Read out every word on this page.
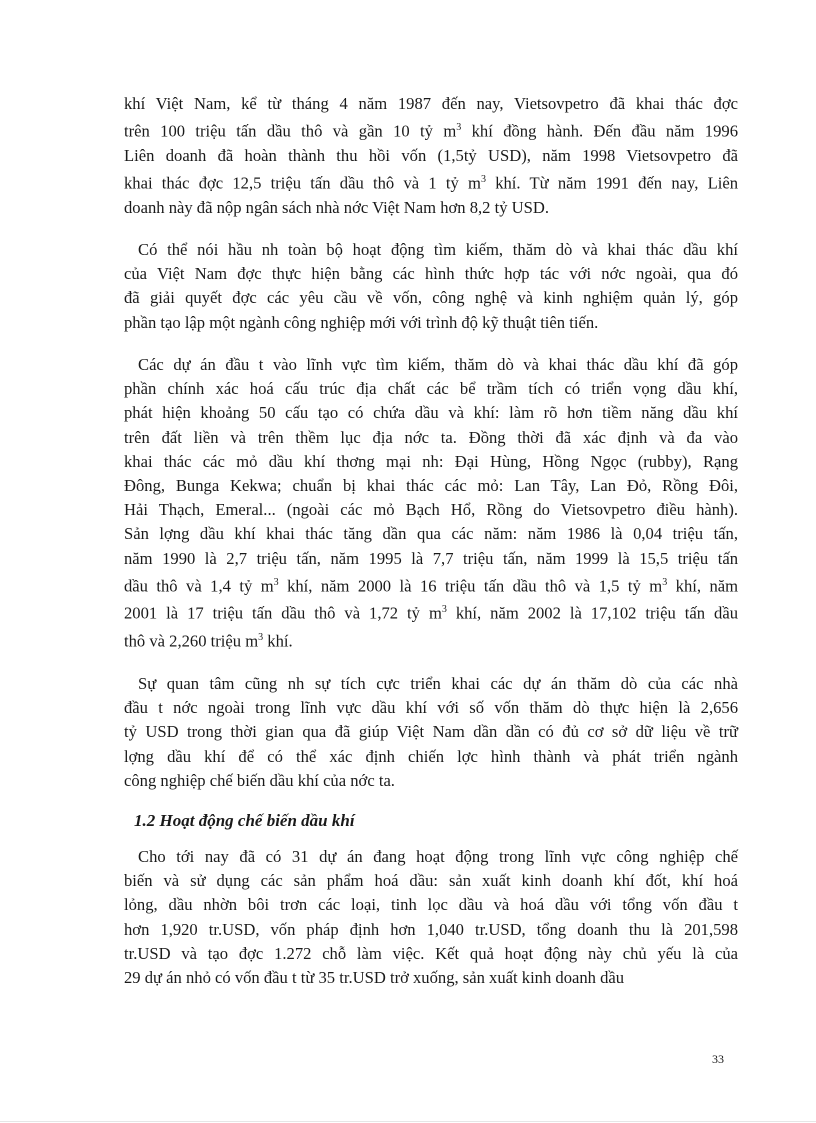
khí Việt Nam, kể từ tháng 4 năm 1987 đến nay, Vietsovpetro đã khai thác đợc
trên 100 triệu tấn dầu thô và gần 10 tỷ $m^3$ khí đồng hành. Đến đầu năm 1996
Liên doanh đã hoàn thành thu hồi vốn (1,5tỷ USD), năm 1998 Vietsovpetro đã
khai thác đợc 12,5 triệu tấn dầu thô và 1 tỷ $m^3$ khí. Từ năm 1991 đến nay, Liên
doanh này đã nộp ngân sách nhà nớc Việt Nam hơn 8,2 tỷ USD.
Có thể nói hầu nh toàn bộ hoạt động tìm kiếm, thăm dò và khai thác dầu khí
của Việt Nam đợc thực hiện bằng các hình thức hợp tác với nớc ngoài, qua đó
đã giải quyết đợc các yêu cầu về vốn, công nghệ và kinh nghiệm quản lý, góp
phần tạo lập một ngành công nghiệp mới với trình độ kỹ thuật tiên tiến.
Các dự án đầu t vào lĩnh vực tìm kiếm, thăm dò và khai thác dầu khí đã góp
phần chính xác hoá cấu trúc địa chất các bể trầm tích có triển vọng dầu khí,
phát hiện khoảng 50 cấu tạo có chứa dầu và khí: làm rõ hơn tiềm năng dầu khí
trên đất liền và trên thềm lục địa nớc ta. Đồng thời đã xác định và đa vào
khai thác các mỏ dầu khí thơng mại nh: Đại Hùng, Hồng Ngọc (rubby), Rạng
Đông, Bunga Kekwa; chuẩn bị khai thác các mỏ: Lan Tây, Lan Đỏ, Rồng Đôi,
Hải Thạch, Emeral... (ngoài các mỏ Bạch Hổ, Rồng do Vietsovpetro điều hành).
Sản lợng dầu khí khai thác tăng dần qua các năm: năm 1986 là 0,04 triệu tấn,
năm 1990 là 2,7 triệu tấn, năm 1995 là 7,7 triệu tấn, năm 1999 là 15,5 triệu tấn
dầu thô và 1,4 tỷ $m^3$ khí, năm 2000 là 16 triệu tấn dầu thô và 1,5 tỷ $m^3$ khí, năm
2001 là 17 triệu tấn dầu thô và 1,72 tỷ $m^3$ khí, năm 2002 là 17,102 triệu tấn dầu
thô và 2,260 triệu $m^3$ khí.
Sự quan tâm cũng nh sự tích cực triển khai các dự án thăm dò của các nhà
đầu t nớc ngoài trong lĩnh vực dầu khí với số vốn thăm dò thực hiện là 2,656
tỷ USD trong thời gian qua đã giúp Việt Nam dần dần có đủ cơ sở dữ liệu về trữ
lợng dầu khí để có thể xác định chiến lợc hình thành và phát triển ngành
công nghiệp chế biến dầu khí của nớc ta.
1.2 Hoạt động chế biến dầu khí
Cho tới nay đã có 31 dự án đang hoạt động trong lĩnh vực công nghiệp chế
biến và sử dụng các sản phẩm hoá dầu: sản xuất kinh doanh khí đốt, khí hoá
lỏng, dầu nhờn bôi trơn các loại, tinh lọc dầu và hoá dầu với tổng vốn đầu t
hơn 1,920 tr.USD, vốn pháp định hơn 1,040 tr.USD, tổng doanh thu là 201,598
tr.USD và tạo đợc 1.272 chỗ làm việc. Kết quả hoạt động này chủ yếu là của
29 dự án nhỏ có vốn đầu t từ 35 tr.USD trở xuống, sản xuất kinh doanh dầu
33
